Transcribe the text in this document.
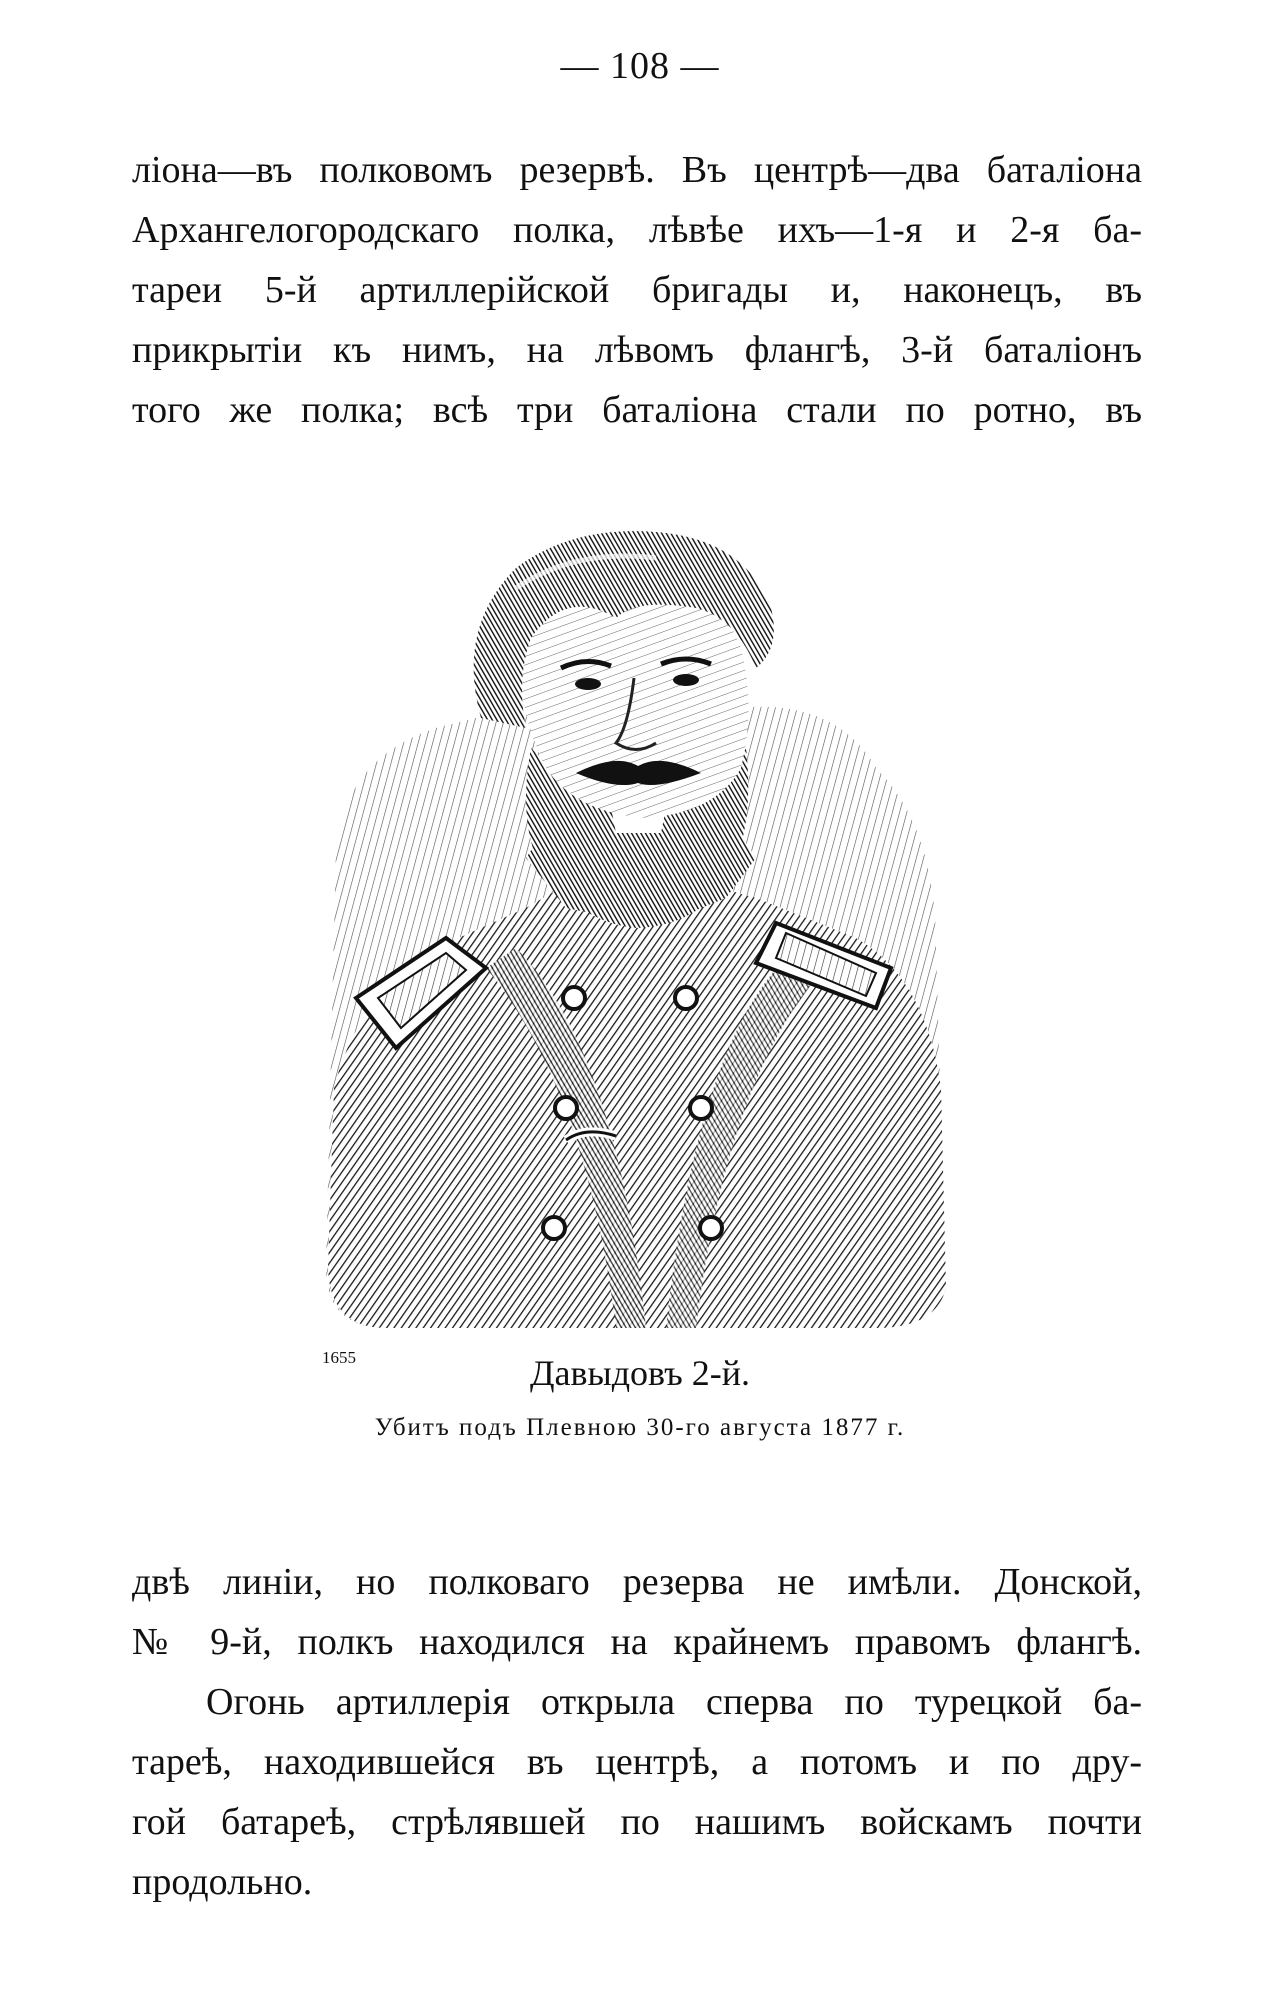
— 108 —
ліона—въ полковомъ резервѣ. Въ центрѣ—два баталіона
Архангелогородскаго полка, лѣвѣе ихъ—1-я и 2-я ба-
тареи 5-й артиллерійской бригады и, наконецъ, въ
прикрытіи къ нимъ, на лѣвомъ флангѣ, 3-й баталіонъ
того же полка; всѣ три баталіона стали по ротно, въ
1655	Давыдовъ 2-й.
Убитъ подъ Плевною 30-го августа 1877 г.
двѣ линіи, но полковаго резерва не имѣли. Донской,
№ 9-й, полкъ находился на крайнемъ правомъ флангѣ.
Огонь артиллерія открыла сперва по турецкой ба-
тареѣ, находившейся въ центрѣ, а потомъ и по дру-
гой батареѣ, стрѣлявшей по нашимъ войскамъ почти
продольно.
